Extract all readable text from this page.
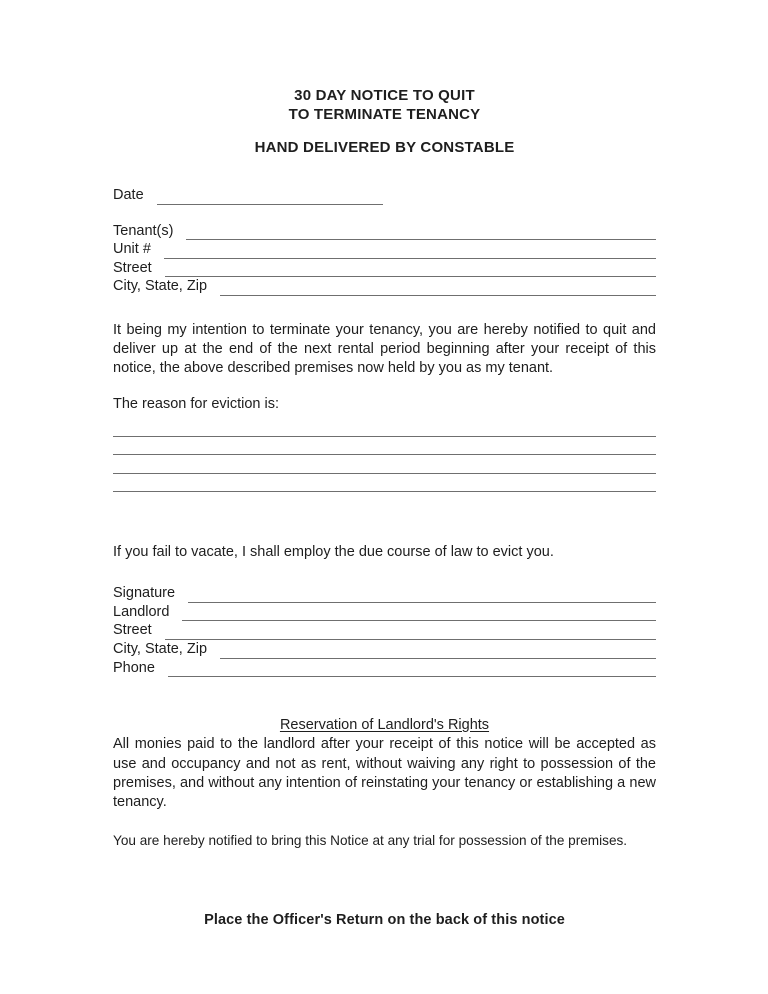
30 DAY NOTICE TO QUIT
TO TERMINATE TENANCY
HAND DELIVERED BY CONSTABLE
Date
Tenant(s)
Unit #
Street
City, State, Zip
It being my intention to terminate your tenancy, you are hereby notified to quit and deliver up at the end of the next rental period beginning after your receipt of this notice, the above described premises now held by you as my tenant.
The reason for eviction is:
If you fail to vacate, I shall employ the due course of law to evict you.
Signature
Landlord
Street
City, State, Zip
Phone
Reservation of Landlord's Rights
All monies paid to the landlord after your receipt of this notice will be accepted as use and occupancy and not as rent, without waiving any right to possession of the premises, and without any intention of reinstating your tenancy or establishing a new tenancy.
You are hereby notified to bring this Notice at any trial for possession of the premises.
Place the Officer's Return on the back of this notice
